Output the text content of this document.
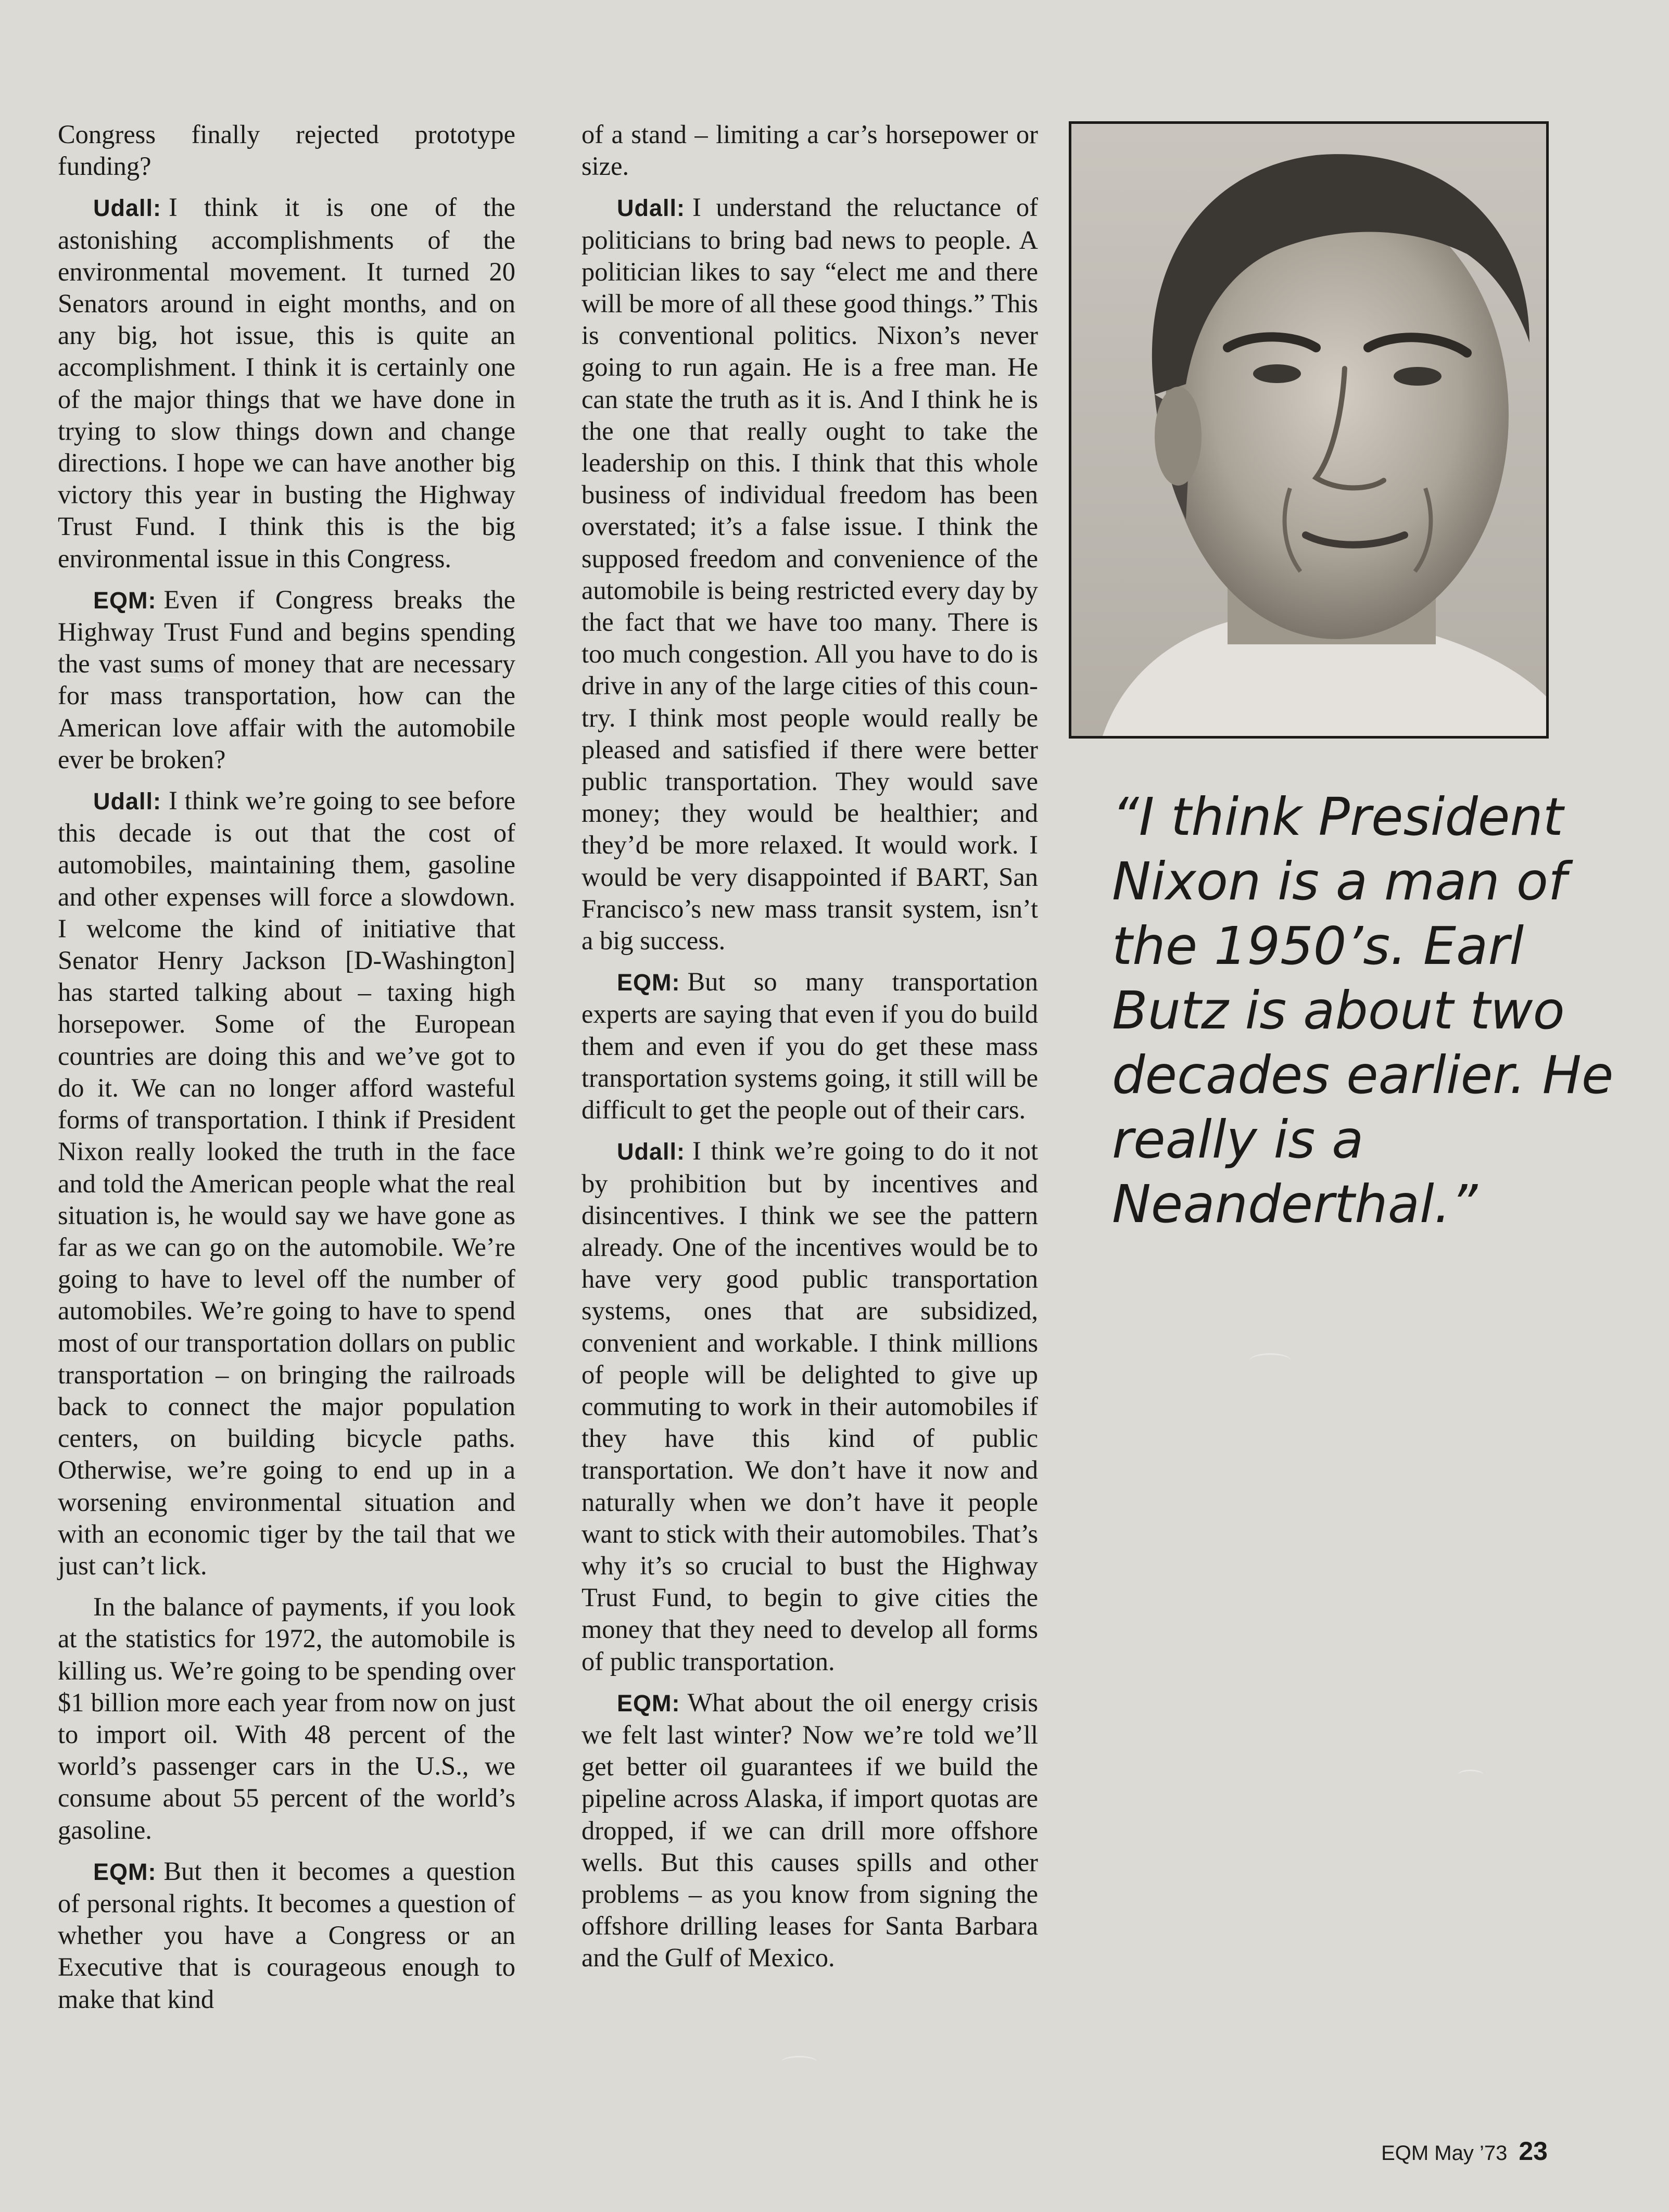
Congress finally rejected prototype funding?

Udall: I think it is one of the astonishing accomplishments of the environmental movement. It turned 20 Senators around in eight months, and on any big, hot issue, this is quite an accomplishment. I think it is certainly one of the major things that we have done in trying to slow things down and change directions. I hope we can have another big victory this year in busting the Highway Trust Fund. I think this is the big environmental issue in this Congress.

EQM: Even if Congress breaks the Highway Trust Fund and begins spending the vast sums of money that are necessary for mass transportation, how can the American love affair with the automobile ever be broken?

Udall: I think we’re going to see before this decade is out that the cost of automobiles, maintaining them, gasoline and other expenses will force a slowdown. I welcome the kind of initiative that Senator Henry Jackson [D-Washington] has started talking about – taxing high horsepower. Some of the European countries are doing this and we’ve got to do it. We can no longer afford wasteful forms of transportation. I think if President Nixon really looked the truth in the face and told the American people what the real situation is, he would say we have gone as far as we can go on the automobile. We’re going to have to level off the number of automobiles. We’re going to have to spend most of our transportation dollars on public transportation – on bringing the railroads back to connect the major population centers, on building bicycle paths. Otherwise, we’re going to end up in a worsening environmental situation and with an economic tiger by the tail that we just can’t lick.

In the balance of payments, if you look at the statistics for 1972, the automobile is killing us. We’re going to be spending over $1 billion more each year from now on just to import oil. With 48 percent of the world’s passenger cars in the U.S., we consume about 55 percent of the world’s gasoline.

EQM: But then it becomes a question of personal rights. It becomes a question of whether you have a Congress or an Executive that is courageous enough to make that kind

of a stand – limiting a car’s horsepower or size.

Udall: I understand the reluctance of politicians to bring bad news to people. A politician likes to say “elect me and there will be more of all these good things.” This is conventional politics. Nixon’s never going to run again. He is a free man. He can state the truth as it is. And I think he is the one that really ought to take the leadership on this. I think that this whole business of individual freedom has been overstated; it’s a false issue. I think the supposed freedom and convenience of the automobile is being restricted every day by the fact that we have too many. There is too much congestion. All you have to do is drive in any of the large cities of this country. I think most people would really be pleased and satisfied if there were better public transportation. They would save money; they would be healthier; and they’d be more relaxed. It would work. I would be very disappointed if BART, San Francisco’s new mass transit system, isn’t a big success.

EQM: But so many transportation experts are saying that even if you do build them and even if you do get these mass transportation systems going, it still will be difficult to get the people out of their cars.

Udall: I think we’re going to do it not by prohibition but by incentives and disincentives. I think we see the pattern already. One of the incentives would be to have very good public transportation systems, ones that are subsidized, convenient and workable. I think millions of people will be delighted to give up commuting to work in their automobiles if they have this kind of public transportation. We don’t have it now and naturally when we don’t have it people want to stick with their automobiles. That’s why it’s so crucial to bust the Highway Trust Fund, to begin to give cities the money that they need to develop all forms of public transportation.

EQM: What about the oil energy crisis we felt last winter? Now we’re told we’ll get better oil guarantees if we build the pipeline across Alaska, if import quotas are dropped, if we can drill more offshore wells. But this causes spills and other problems – as you know from signing the offshore drilling leases for Santa Barbara and the Gulf of Mexico.

“I think President
Nixon is a man of
the 1950’s. Earl
Butz is about two
decades earlier. He
really is a
Neanderthal.”
EQM May ’73 23
